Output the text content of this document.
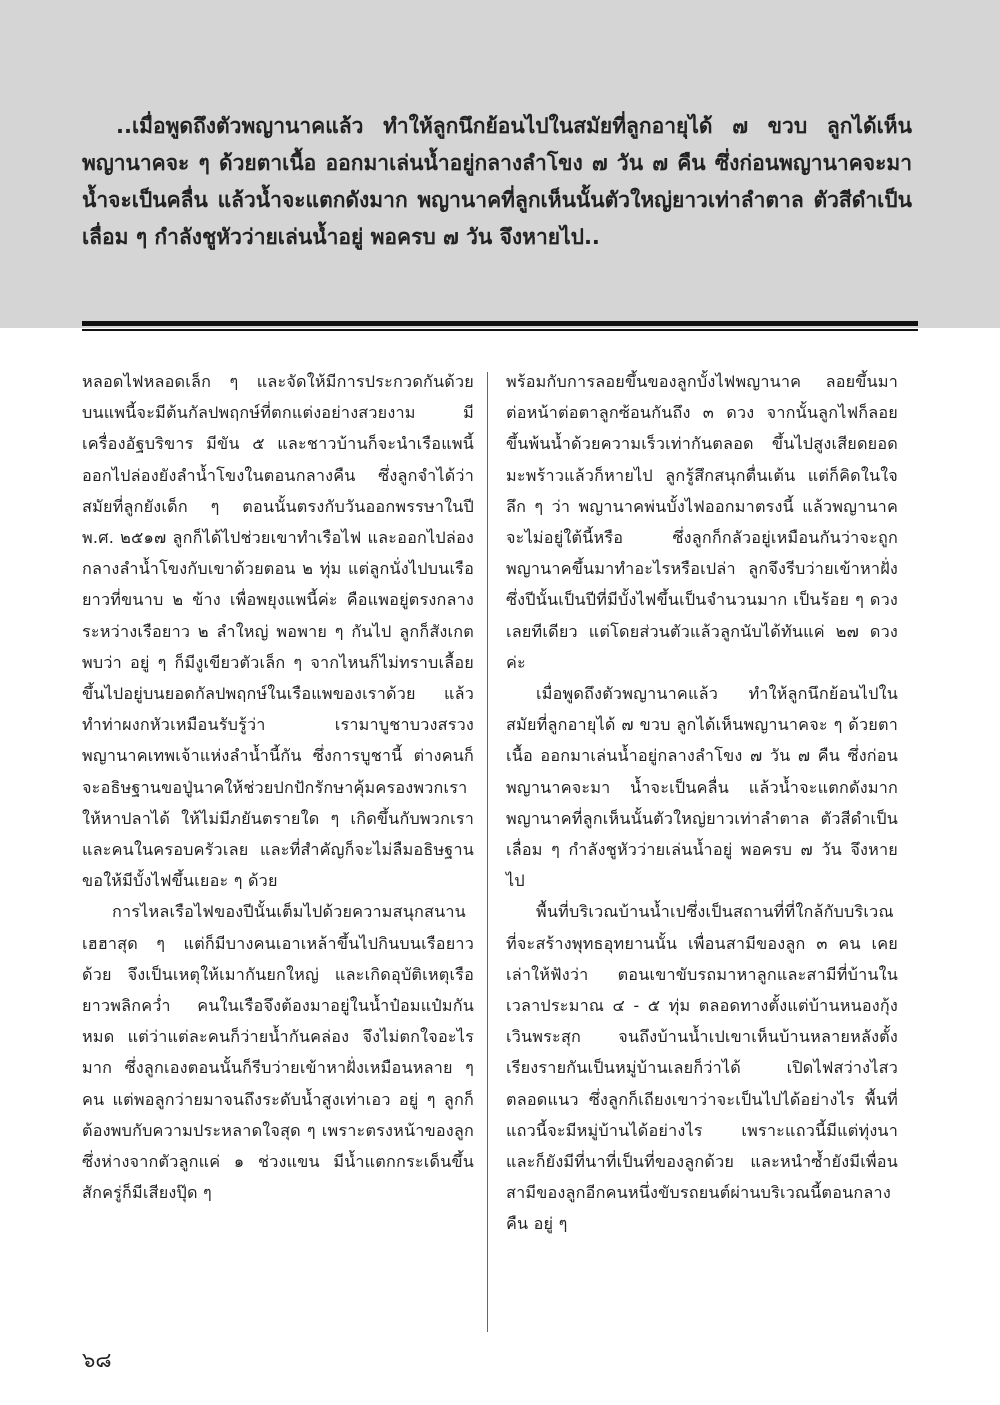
..เมื่อพูดถึงตัวพญานาคแล้ว ทำให้ลูกนึกย้อนไปในสมัยที่ลูกอายุได้ ๗ ขวบ ลูกได้เห็นพญานาคจะ ๆ ด้วยตาเนื้อ ออกมาเล่นน้ำอยู่กลางลำโขง ๗ วัน ๗ คืน ซึ่งก่อนพญานาคจะมา น้ำจะเป็นคลื่น แล้วน้ำจะแตกดังมาก พญานาคที่ลูกเห็นนั้นตัวใหญ่ยาวเท่าลำตาล ตัวสีดำเป็นเลื่อม ๆ กำลังชูหัวว่ายเล่นน้ำอยู่ พอครบ ๗ วัน จึงหายไป..

หลอดไฟหลอดเล็ก ๆ และจัดให้มีการประกวดกันด้วย บนแพนี้จะมีต้นกัลปพฤกษ์ที่ตกแต่งอย่างสวยงาม มีเครื่องอัฐบริขาร มีขัน ๕ และชาวบ้านก็จะนำเรือแพนี้ออกไปล่องยังลำน้ำโขงในตอนกลางคืน ซึ่งลูกจำได้ว่า สมัยที่ลูกยังเด็ก ๆ ตอนนั้นตรงกับวันออกพรรษาในปี พ.ศ. ๒๕๑๗ ลูกก็ได้ไปช่วยเขาทำเรือไฟ และออกไปล่องกลางลำน้ำโขงกับเขาด้วยตอน ๒ ทุ่ม แต่ลูกนั่งไปบนเรือยาวที่ขนาบ ๒ ข้าง เพื่อพยุงแพนี้ค่ะ คือแพอยู่ตรงกลางระหว่างเรือยาว ๒ ลำใหญ่ พอพาย ๆ กันไป ลูกก็สังเกตพบว่า อยู่ ๆ ก็มีงูเขียวตัวเล็ก ๆ จากไหนก็ไม่ทราบเลื้อยขึ้นไปอยู่บนยอดกัลปพฤกษ์ในเรือแพของเราด้วย แล้วทำท่าผงกหัวเหมือนรับรู้ว่า เรามาบูชาบวงสรวงพญานาคเทพเจ้าแห่งลำน้ำนี้กัน ซึ่งการบูชานี้ ต่างคนก็จะอธิษฐานขอปู่นาคให้ช่วยปกปักรักษาคุ้มครองพวกเราให้หาปลาได้ ให้ไม่มีภยันตรายใด ๆ เกิดขึ้นกับพวกเรา และคนในครอบครัวเลย และที่สำคัญก็จะไม่ลืมอธิษฐานขอให้มีบั้งไฟขึ้นเยอะ ๆ ด้วย

การไหลเรือไฟของปีนั้นเต็มไปด้วยความสนุกสนานเฮฮาสุด ๆ แต่ก็มีบางคนเอาเหล้าขึ้นไปกินบนเรือยาวด้วย จึงเป็นเหตุให้เมากันยกใหญ่ และเกิดอุบัติเหตุเรือยาวพลิกคว่ำ คนในเรือจึงต้องมาอยู่ในน้ำป๋อมแป๋มกันหมด แต่ว่าแต่ละคนก็ว่ายน้ำกันคล่อง จึงไม่ตกใจอะไรมาก ซึ่งลูกเองตอนนั้นก็รีบว่ายเข้าหาฝั่งเหมือนหลาย ๆ คน แต่พอลูกว่ายมาจนถึงระดับน้ำสูงเท่าเอว อยู่ ๆ ลูกก็ต้องพบกับความประหลาดใจสุด ๆ เพราะตรงหน้าของลูก ซึ่งห่างจากตัวลูกแค่ ๑ ช่วงแขน มีน้ำแตกกระเด็นขึ้น สักครู่ก็มีเสียงปุ๊ด ๆ

พร้อมกับการลอยขึ้นของลูกบั้งไฟพญานาค ลอยขึ้นมาต่อหน้าต่อตาลูกซ้อนกันถึง ๓ ดวง จากนั้นลูกไฟก็ลอยขึ้นพ้นน้ำด้วยความเร็วเท่ากันตลอด ขึ้นไปสูงเสียดยอดมะพร้าวแล้วก็หายไป ลูกรู้สึกสนุกตื่นเต้น แต่ก็คิดในใจลึก ๆ ว่า พญานาคพ่นบั้งไฟออกมาตรงนี้ แล้วพญานาคจะไม่อยู่ใต้นี้หรือ ซึ่งลูกก็กลัวอยู่เหมือนกันว่าจะถูกพญานาคขึ้นมาทำอะไรหรือเปล่า ลูกจึงรีบว่ายเข้าหาฝั่ง ซึ่งปีนั้นเป็นปีที่มีบั้งไฟขึ้นเป็นจำนวนมาก เป็นร้อย ๆ ดวงเลยทีเดียว แต่โดยส่วนตัวแล้วลูกนับได้ทันแค่ ๒๗ ดวงค่ะ

เมื่อพูดถึงตัวพญานาคแล้ว ทำให้ลูกนึกย้อนไปในสมัยที่ลูกอายุได้ ๗ ขวบ ลูกได้เห็นพญานาคจะ ๆ ด้วยตาเนื้อ ออกมาเล่นน้ำอยู่กลางลำโขง ๗ วัน ๗ คืน ซึ่งก่อนพญานาคจะมา น้ำจะเป็นคลื่น แล้วน้ำจะแตกดังมาก พญานาคที่ลูกเห็นนั้นตัวใหญ่ยาวเท่าลำตาล ตัวสีดำเป็นเลื่อม ๆ กำลังชูหัวว่ายเล่นน้ำอยู่ พอครบ ๗ วัน จึงหายไป

พื้นที่บริเวณบ้านน้ำเปซึ่งเป็นสถานที่ที่ใกล้กับบริเวณที่จะสร้างพุทธอุทยานนั้น เพื่อนสามีของลูก ๓ คน เคยเล่าให้ฟังว่า ตอนเขาขับรถมาหาลูกและสามีที่บ้านในเวลาประมาณ ๔ - ๕ ทุ่ม ตลอดทางตั้งแต่บ้านหนองกุ้ง เวินพระสุก จนถึงบ้านน้ำเปเขาเห็นบ้านหลายหลังตั้งเรียงรายกันเป็นหมู่บ้านเลยก็ว่าได้ เปิดไฟสว่างไสวตลอดแนว ซึ่งลูกก็เถียงเขาว่าจะเป็นไปได้อย่างไร พื้นที่แถวนี้จะมีหมู่บ้านได้อย่างไร เพราะแถวนี้มีแต่ทุ่งนา และก็ยังมีที่นาที่เป็นที่ของลูกด้วย และหนำซ้ำยังมีเพื่อนสามีของลูกอีกคนหนึ่งขับรถยนต์ผ่านบริเวณนี้ตอนกลางคืน อยู่ ๆ

๖๘
